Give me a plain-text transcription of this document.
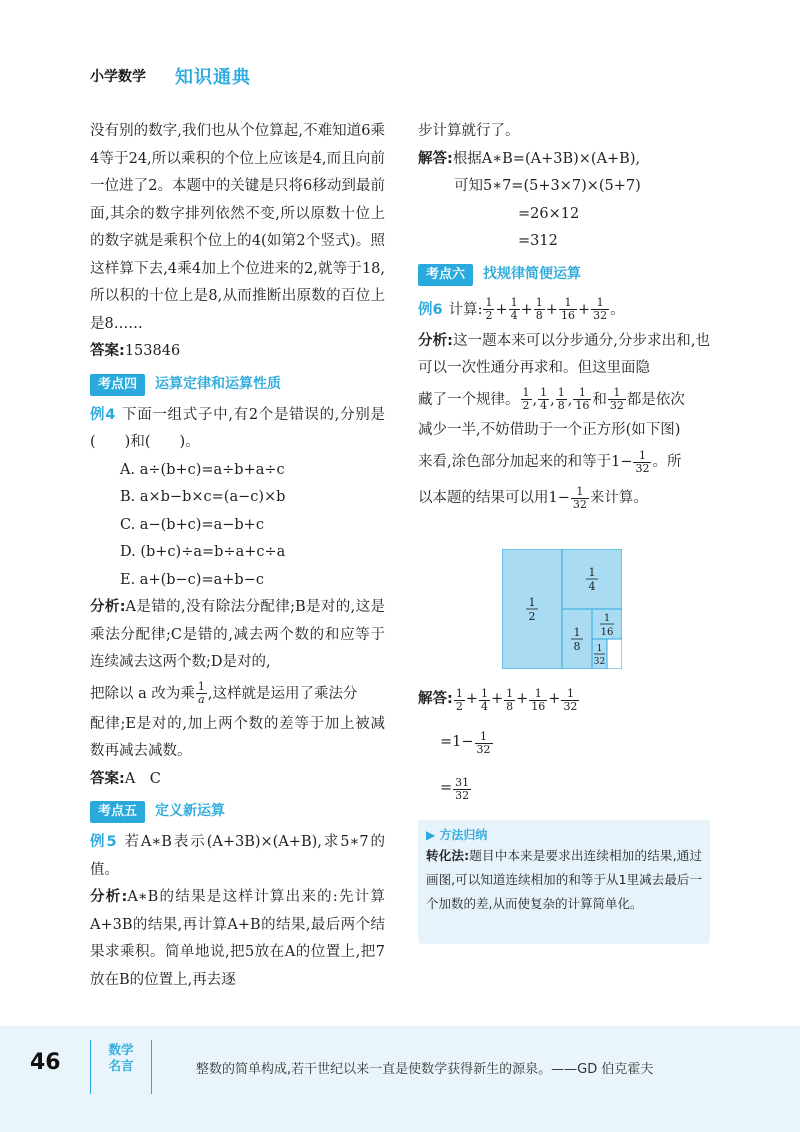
小学数学 知识通典

没有别的数字,我们也从个位算起,不难知道6乘4等于24,所以乘积的个位上应该是4,而且向前一位进了2。本题中的关键是只将6移动到最前面,其余的数字排列依然不变,所以原数十位上的数字就是乘积个位上的4(如第2个竖式)。照这样算下去,4乘4加上个位进来的2,就等于18,所以积的十位上是8,从而推断出原数的百位上是8……

答案:153846

考点四	运算定律和运算性质

例4 下面一组式子中,有2个是错误的,分别是(　　)和(　　)。

A. a÷(b+c)=a÷b+a÷c

B. a×b−b×c=(a−c)×b

C. a−(b+c)=a−b+c

D. (b+c)÷a=b÷a+c÷a

E. a+(b−c)=a+b−c

分析:A是错的,没有除法分配律;B是对的,这是乘法分配律;C是错的,减去两个数的和应等于连续减去这两个数;D是对的,

把除以 a 改为乘 $\frac{1}{a}$ ,这样就是运用了乘法分

配律;E是对的,加上两个数的差等于加上被减数再减去减数。

答案:A　C

考点五	定义新运算

例5 若A∗B表示(A+3B)×(A+B),求5∗7的值。

分析:A∗B的结果是这样计算出来的:先计算A+3B的结果,再计算A+B的结果,最后两个结果求乘积。简单地说,把5放在A的位置上,把7放在B的位置上,再去逐

步计算就行了。

解答:根据A∗B=(A+3B)×(A+B),

可知5∗7=(5+3×7)×(5+7)

=26×12

=312

考点六	找规律简便运算

例6 计算: $\frac{1}{2} + \frac{1}{4} + \frac{1}{8} + \frac{1}{16} + \frac{1}{32}$ 。

分析:这一题本来可以分步通分,分步求出和,也可以一次性通分再求和。但这里面隐

藏了一个规律。 $\frac{1}{2}$ , $\frac{1}{4}$ , $\frac{1}{8}$ , $\frac{1}{16}$ 和 $\frac{1}{32}$ 都是依次

减少一半,不妨借助于一个正方形(如下图)

来看,涂色部分加起来的和等于$1- \frac{1}{32}$ 。所

以本题的结果可以用$1- \frac{1}{32}$ 来计算。

1
2
1
4
1
8
1
16
1
32
解答: $\frac{1}{2} + \frac{1}{4} + \frac{1}{8} + \frac{1}{16} + \frac{1}{32}$
= $1- \frac{1}{32}$
= $\frac{31}{32}$
▶ 方法归纳
转化法:题目中本来是要求出连续相加的结果,通过画图,可以知道连续相加的和等于从1里减去最后一个加数的差,从而使复杂的计算简单化。
46
数学名言	整数的简单构成,若干世纪以来一直是使数学获得新生的源泉。——GD 伯克霍夫
